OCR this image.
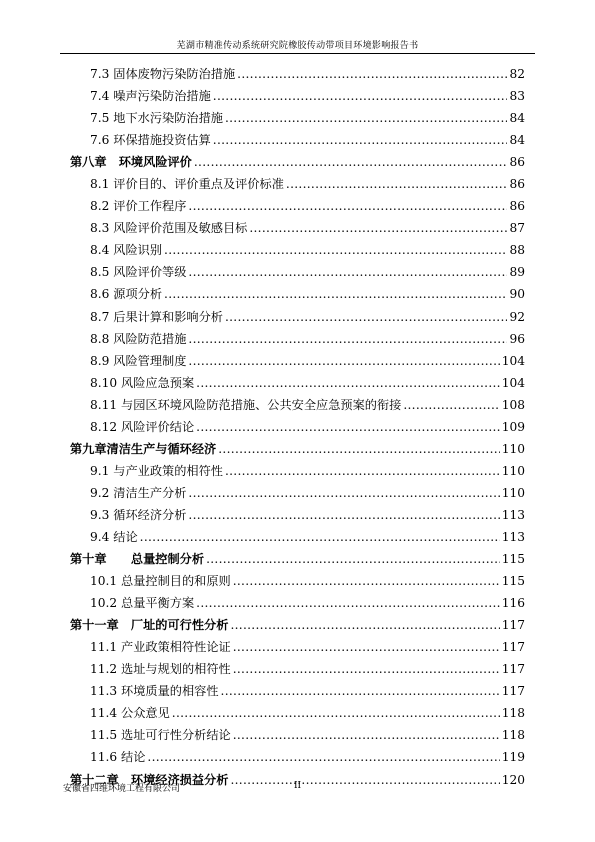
芜湖市精准传动系统研究院橡胶传动带项目环境影响报告书
7.3 固体废物污染防治措施 .....	82
7.4 噪声污染防治措施 .....	83
7.5 地下水污染防治措施 .....	84
7.6 环保措施投资估算 .....	84
第八章　环境风险评价 .....	86
8.1 评价目的、评价重点及评价标准 .....	86
8.2 评价工作程序 .....	86
8.3 风险评价范围及敏感目标 .....	87
8.4 风险识别 .....	88
8.5 风险评价等级 .....	89
8.6 源项分析 .....	90
8.7 后果计算和影响分析 .....	92
8.8 风险防范措施 .....	96
8.9 风险管理制度 .....	104
8.10 风险应急预案 .....	104
8.11 与园区环境风险防范措施、公共安全应急预案的衔接 .....	108
8.12 风险评价结论 .....	109
第九章清洁生产与循环经济 .....	110
9.1 与产业政策的相符性 .....	110
9.2 清洁生产分析 .....	110
9.3 循环经济分析 .....	113
9.4 结论 .....	113
第十章　　总量控制分析 .....	115
10.1 总量控制目的和原则 .....	115
10.2 总量平衡方案 .....	116
第十一章　厂址的可行性分析 .....	117
11.1 产业政策相符性论证 .....	117
11.2 选址与规划的相符性 .....	117
11.3 环境质量的相容性 .....	117
11.4 公众意见 .....	118
11.5 选址可行性分析结论 .....	118
11.6 结论 .....	119
第十二章　环境经济损益分析 .....	120
安徽省四维环境工程有限公司	II
